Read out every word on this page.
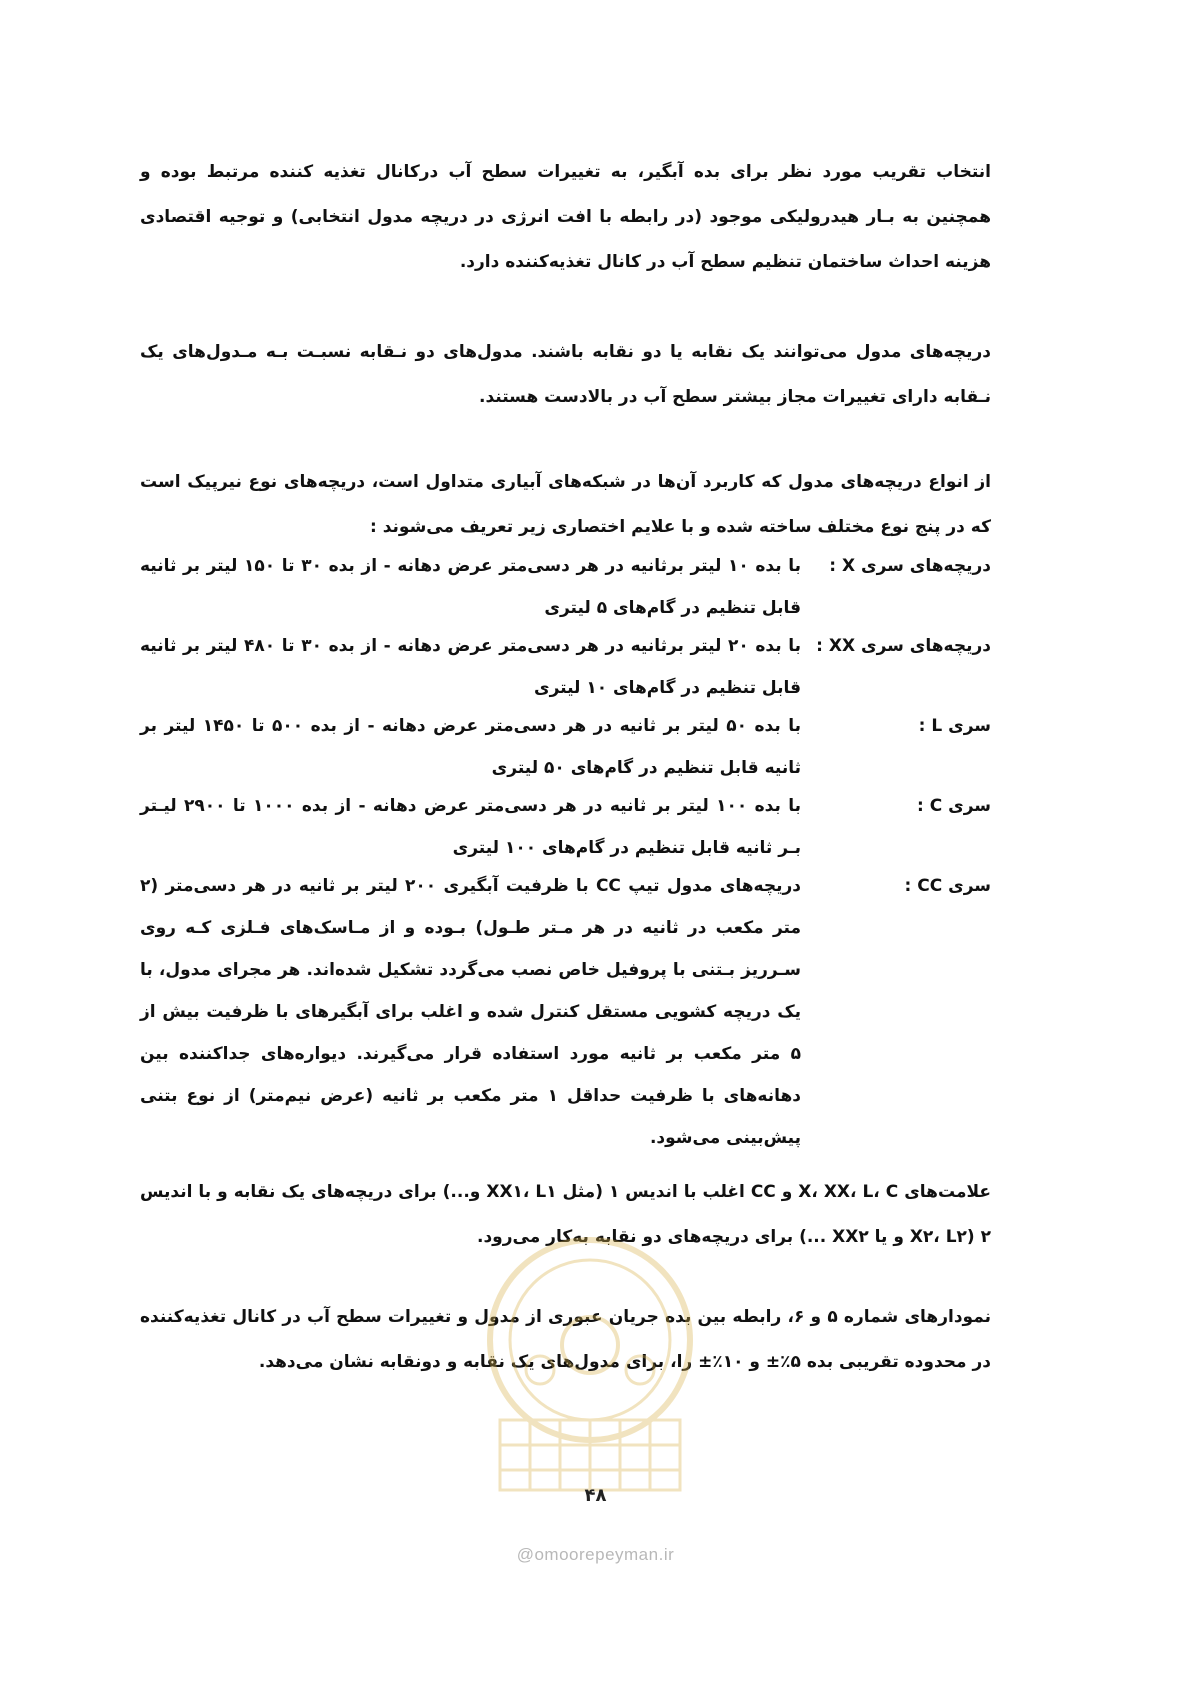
انتخاب تقریب مورد نظر برای بده آبگیر، به تغییرات سطح آب درکانال تغذیه کننده مرتبط بوده و همچنین به بـار هیدرولیکی موجود (در رابطه با افت انرژی در دریچه مدول انتخابی) و توجیه اقتصادی هزینه احداث ساختمان تنظیم سطح آب در کانال تغذیه‌کننده دارد.
دریچه‌های مدول می‌توانند یک نقابه یا دو نقابه باشند. مدول‌های دو نـقابه نسبـت بـه مـدول‌های یک نـقابه دارای تغییرات مجاز بیشتر سطح آب در بالادست هستند.
از انواع دریچه‌های مدول که کاربرد آن‌ها در شبکه‌های آبیاری متداول است، دریچه‌های نوع نیرپیک است که در پنج نوع مختلف ساخته شده و با علایم اختصاری زیر تعریف می‌شوند :
دریچه‌های سری X :
با بده ۱۰ لیتر برثانیه در هر دسی‌متر عرض دهانه - از بده ۳۰ تا ۱۵۰ لیتر بر ثانیه قابل تنظیم در گام‌های ۵ لیتری
دریچه‌های سری XX :
با بده ۲۰ لیتر برثانیه در هر دسی‌متر عرض دهانه - از بده ۳۰ تا ۴۸۰ لیتر بر ثانیه قابل تنظیم در گام‌های ۱۰ لیتری
سری L :
با بده ۵۰ لیتر بر ثانیه در هر دسی‌متر عرض دهانه - از بده ۵۰۰ تا ۱۴۵۰ لیتر بر ثانیه قابل تنظیم در گام‌های ۵۰ لیتری
سری C :
با بده ۱۰۰ لیتر بر ثانیه در هر دسی‌متر عرض دهانه - از بده ۱۰۰۰ تا ۲۹۰۰ لیـتر بـر ثانیه قابل تنظیم در گام‌های ۱۰۰ لیتری
سری CC :
دریچه‌های مدول تیپ CC با ظرفیت آبگیری ۲۰۰ لیتر بر ثانیه در هر دسی‌متر (۲ متر مکعب در ثانیه در هر مـتر طـول) بـوده و از مـاسک‌های فـلزی کـه روی سـرریز بـتنی با پروفیل خاص نصب می‌گردد تشکیل شده‌اند. هر مجرای مدول، با یک دریچه کشویی مستقل کنترل شده و اغلب برای آبگیرهای با ظرفیت بیش از ۵ متر مکعب بر ثانیه مورد استفاده قرار می‌گیرند. دیواره‌های جداکننده بین دهانه‌های با ظرفیت حداقل ۱ متر مکعب بر ثانیه (عرض نیم‌متر) از نوع بتنی پیش‌بینی می‌شود.
علامت‌های X، XX، L، C و CC اغلب با اندیس ۱ (مثل XX۱، L۱ و...) برای دریچه‌های یک نقابه و با اندیس ۲ (X۲، L۲ و یا XX۲ ...) برای دریچه‌های دو نقابه به‌کار می‌رود.
نمودارهای شماره ۵ و ۶، رابطه بین بده جریان عبوری از مدول و تغییرات سطح آب در کانال تغذیه‌کننده در محدوده تقریبی بده ۵٪± و ۱۰٪± را، برای مدول‌های یک نقابه و دونقابه نشان می‌دهد.
۴۸
@omoorepeyman.ir
